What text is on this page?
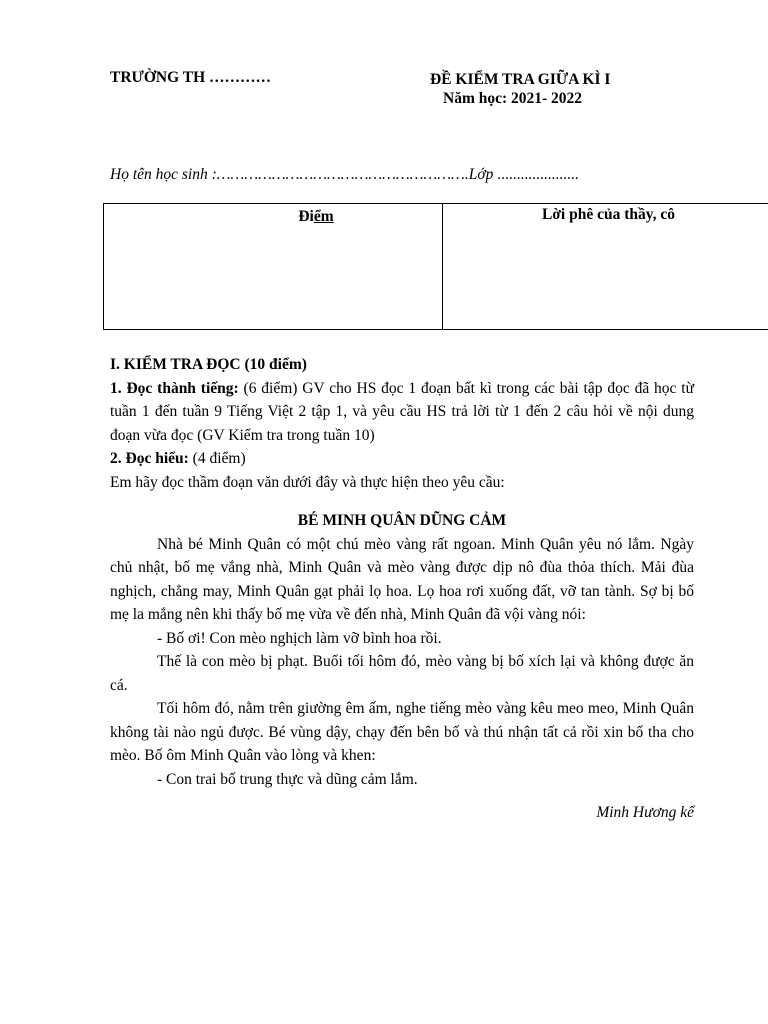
TRƯỜNG TH …………	ĐỀ KIỂM TRA GIỮA KÌ I
Năm học: 2021- 2022
Họ tên học sinh :……………………………………………….Lớp .....................
Điểm	Lời phê của thầy, cô

I. KIỂM TRA ĐỌC (10 điểm)

1. Đọc thành tiếng: (6 điểm) GV cho HS đọc 1 đoạn bất kì trong các bài tập đọc đã học từ tuần 1 đến tuần 9 Tiếng Việt 2 tập 1, và yêu cầu HS trả lời từ 1 đến 2 câu hỏi về nội dung đoạn vừa đọc (GV Kiểm tra trong tuần 10)

2. Đọc hiểu: (4 điểm)

Em hãy đọc thầm đoạn văn dưới đây và thực hiện theo yêu cầu:

BÉ MINH QUÂN DŨNG CẢM

Nhà bé Minh Quân có một chú mèo vàng rất ngoan. Minh Quân yêu nó lắm. Ngày chủ nhật, bố mẹ vắng nhà, Minh Quân và mèo vàng được dịp nô đùa thỏa thích. Mải đùa nghịch, chẳng may, Minh Quân gạt phải lọ hoa. Lọ hoa rơi xuống đất, vỡ tan tành. Sợ bị bố mẹ la mắng nên khi thấy bố mẹ vừa về đến nhà, Minh Quân đã vội vàng nói:

- Bố ơi! Con mèo nghịch làm vỡ bình hoa rồi.

Thế là con mèo bị phạt. Buổi tối hôm đó, mèo vàng bị bố xích lại và không được ăn cá.

Tối hôm đó, nằm trên giường êm ấm, nghe tiếng mèo vàng kêu meo meo, Minh Quân không tài nào ngủ được. Bé vùng dậy, chạy đến bên bố và thú nhận tất cả rồi xin bố tha cho mèo. Bố ôm Minh Quân vào lòng và khen:

- Con trai bố trung thực và dũng cảm lắm.

Minh Hương kể
